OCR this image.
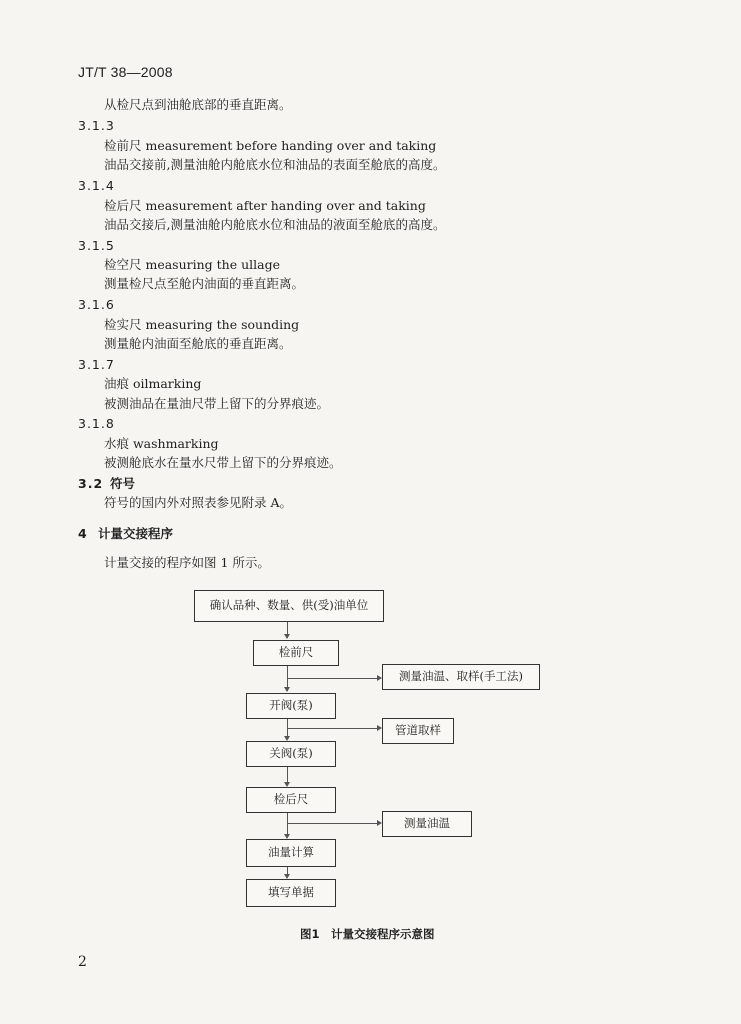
JT/T 38—2008
从检尺点到油舱底部的垂直距离。
3.1.3
检前尺 measurement before handing over and taking
油品交接前,测量油舱内舱底水位和油品的表面至舱底的高度。
3.1.4
检后尺 measurement after handing over and taking
油品交接后,测量油舱内舱底水位和油品的液面至舱底的高度。
3.1.5
检空尺 measuring the ullage
测量检尺点至舱内油面的垂直距离。
3.1.6
检实尺 measuring the sounding
测量舱内油面至舱底的垂直距离。
3.1.7
油痕 oilmarking
被测油品在量油尺带上留下的分界痕迹。
3.1.8
水痕 washmarking
被测舱底水在量水尺带上留下的分界痕迹。
3.2 符号
符号的国内外对照表参见附录 A。
4 计量交接程序
计量交接的程序如图 1 所示。
确认品种、数量、供(受)油单位
检前尺
测量油温、取样(手工法)
开阀(泵)
管道取样
关阀(泵)
检后尺
测量油温
油量计算
填写单据
图1　计量交接程序示意图
2
